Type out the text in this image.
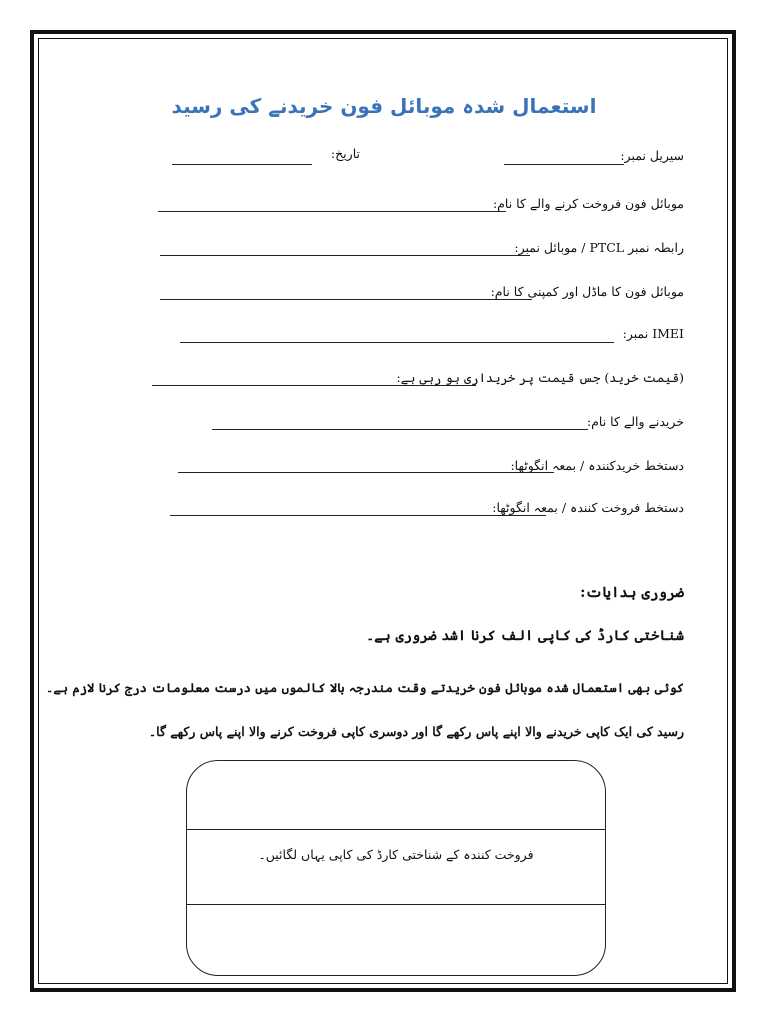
استعمال شدہ موبائل فون خریدنے کی رسید
سیریل نمبر:
تاریخ:
موبائل فون فروخت کرنے والے کا نام:
رابطہ نمبر PTCL / موبائل نمبر:
موبائل فون کا ماڈل اور کمپنی کا نام:
IMEI نمبر:
(قیمت خرید) جس قیمت پر خریداری ہو رہی ہے:
خریدنے والے کا نام:
دستخط خریدکنندہ / بمعہ انگوٹھا:
دستخط فروخت کنندہ / بمعہ انگوٹھا:
ضروری ہدایات:
شناختی کارڈ کی کاپی الف کرنا اشد ضروری ہے۔
کوئی بھی استعمال شدہ موبائل فون خریدتے وقت مندرجہ بالا کالموں میں درست معلومات درج کرنا لازم ہے۔
رسید کی ایک کاپی خریدنے والا اپنے پاس رکھے گا اور دوسری کاپی فروخت کرنے والا اپنے پاس رکھے گا۔
فروخت کنندہ کے شناختی کارڈ کی کاپی یہاں لگائیں۔
